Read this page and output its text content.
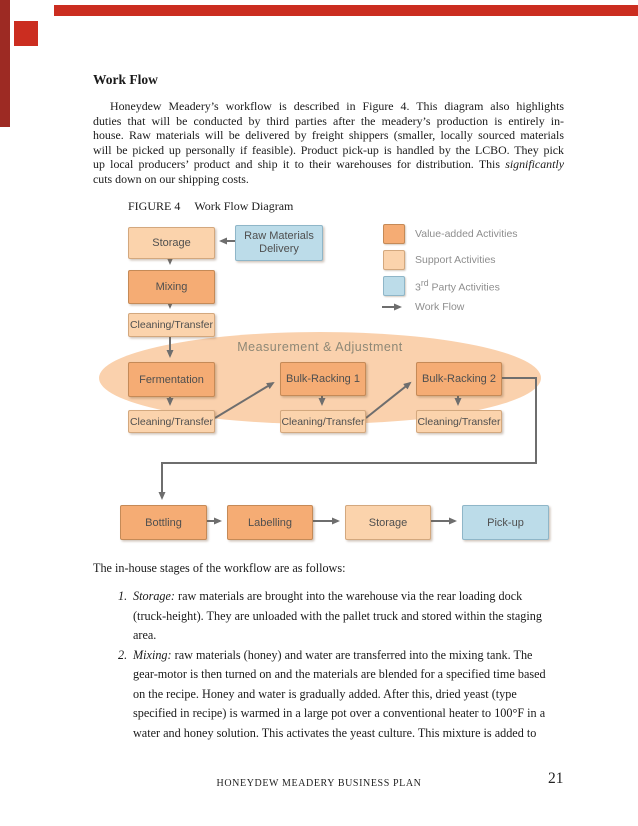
Work Flow
Honeydew Meadery’s workflow is described in Figure 4. This diagram also highlights
duties that will be conducted by third parties after the meadery’s production is entirely in-
house. Raw materials will be delivered by freight shippers (smaller, locally sourced materials
will be picked up personally if feasible). Product pick-up is handled by the LCBO. They pick
up local producers’ product and ship it to their warehouses for distribution. This significantly
cuts down on our shipping costs.
FIGURE 4 Work Flow Diagram
Measurement & Adjustment
Storage
Raw Materials
Delivery
Mixing
Cleaning/Transfer
Fermentation	Bulk-Racking 1	Bulk-Racking 2
Cleaning/Transfer	Cleaning/Transfer	Cleaning/Transfer
Bottling	Labelling	Storage	Pick-up
Value-added Activities
Support Activities
3rd Party Activities
Work Flow
The in-house stages of the workflow are as follows:
1. Storage: raw materials are brought into the warehouse via the rear loading dock
(truck-height). They are unloaded with the pallet truck and stored within the staging
area.
2. Mixing: raw materials (honey) and water are transferred into the mixing tank. The
gear-motor is then turned on and the materials are blended for a specified time based
on the recipe. Honey and water is gradually added. After this, dried yeast (type
specified in recipe) is warmed in a large pot over a conventional heater to 100°F in a
water and honey solution. This activates the yeast culture. This mixture is added to
HONEYDEW MEADERY BUSINESS PLAN	21
